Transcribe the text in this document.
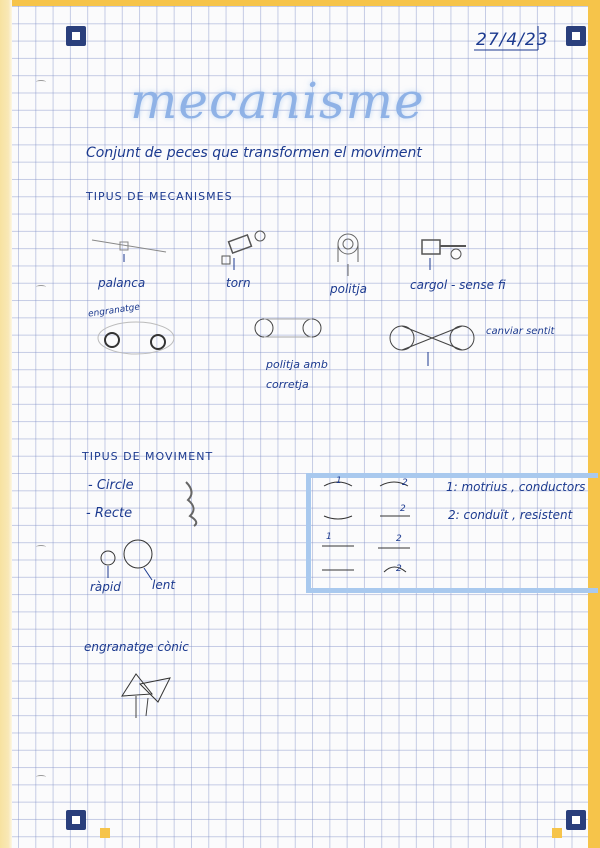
27/4/23
mecanisme
Conjunt de peces que transformen el moviment
TIPUS DE MECANISMES
palanca	torn	politja	cargol - sense fi
engranatge
politja amb
corretja
canviar sentit
TIPUS DE MOVIMENT
- Circle
- Recte
ràpid	lent
1	2
2
1	2
2
1: motrius , conductors
2: conduït , resistent
engranatge cònic
